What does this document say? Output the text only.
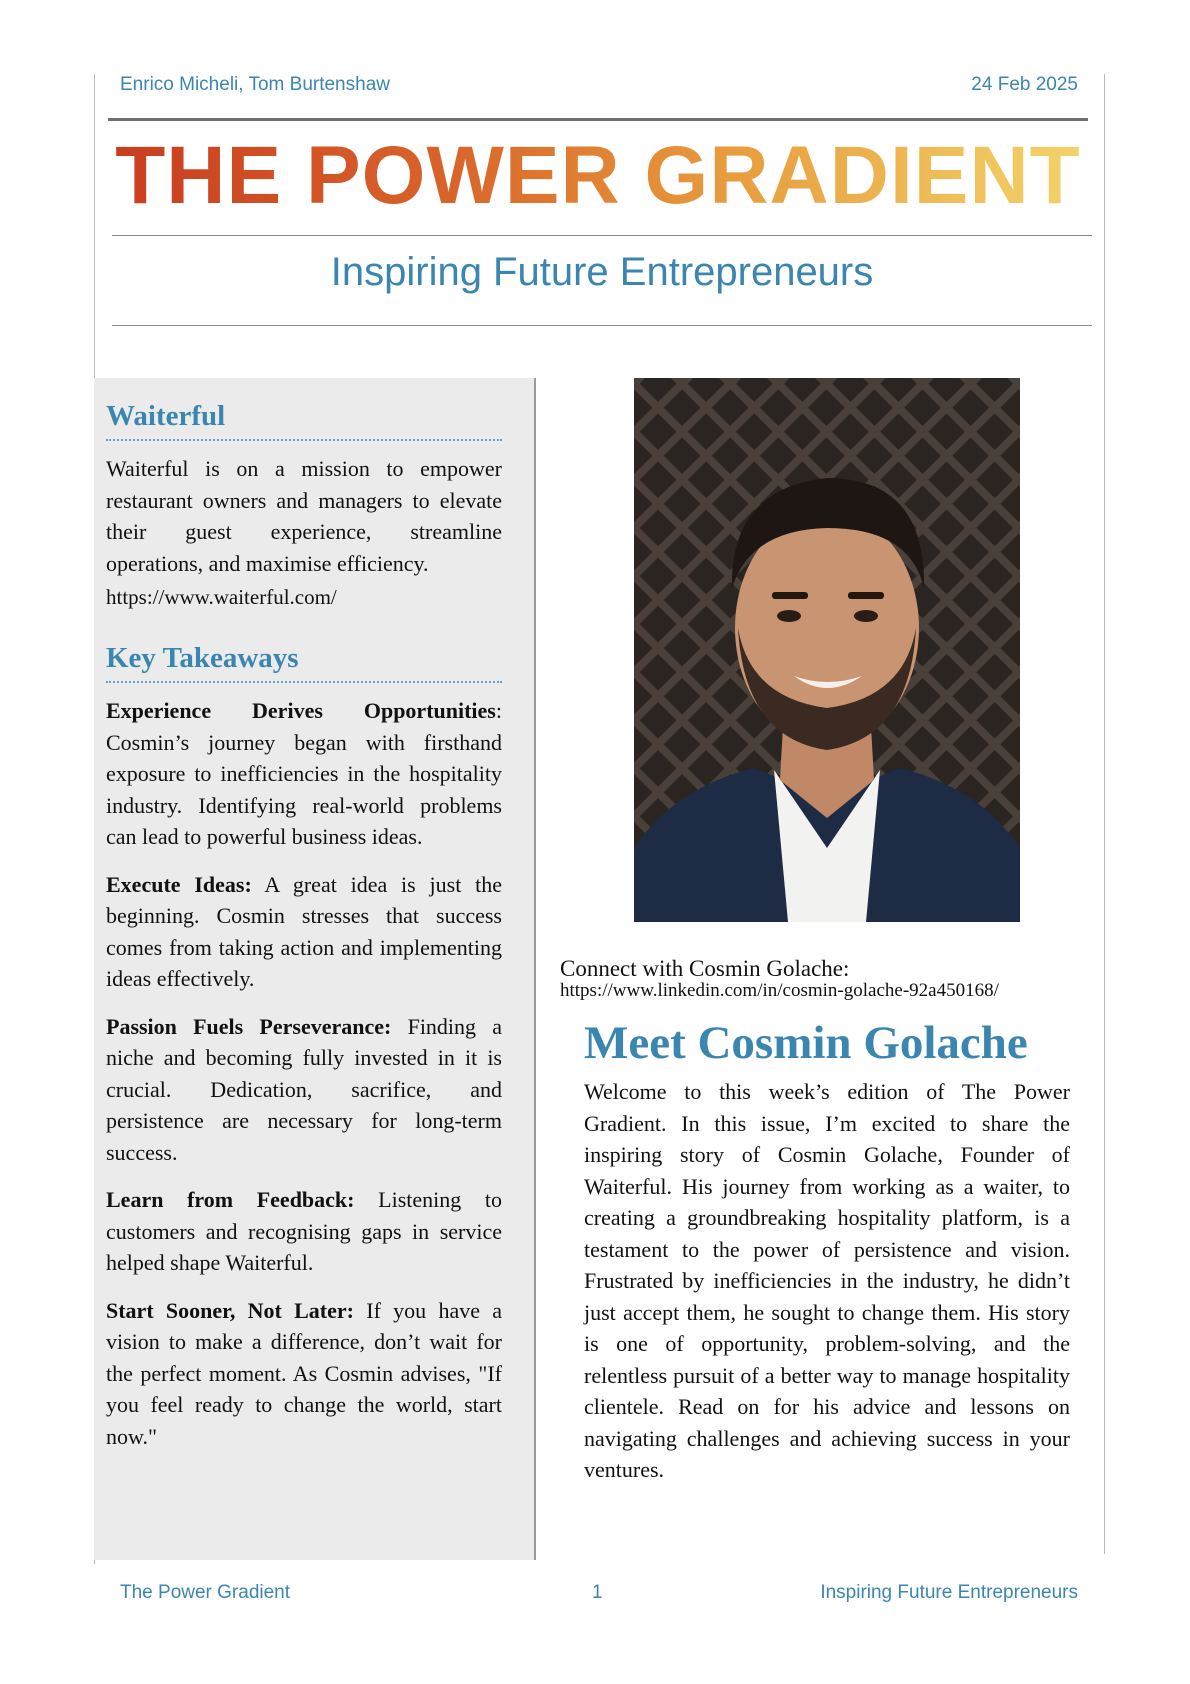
Enrico Micheli, Tom Burtenshaw	24 Feb 2025
THE POWER GRADIENT
Inspiring Future Entrepreneurs
Waiterful

Waiterful is on a mission to empower restaurant owners and managers to elevate their guest experience, streamline operations, and maximise efficiency.

https://www.waiterful.com/
Key Takeaways

Experience Derives Opportunities: Cosmin’s journey began with firsthand exposure to inefficiencies in the hospitality industry. Identifying real-world problems can lead to powerful business ideas.

Execute Ideas: A great idea is just the beginning. Cosmin stresses that success comes from taking action and implementing ideas effectively.

Passion Fuels Perseverance: Finding a niche and becoming fully invested in it is crucial. Dedication, sacrifice, and persistence are necessary for long-term success.

Learn from Feedback: Listening to customers and recognising gaps in service helped shape Waiterful.

Start Sooner, Not Later: If you have a vision to make a difference, don’t wait for the perfect moment. As Cosmin advises, "If you feel ready to change the world, start now."

Connect with Cosmin Golache:
https://www.linkedin.com/in/cosmin-golache-92a450168/
Meet Cosmin Golache

Welcome to this week’s edition of The Power Gradient. In this issue, I’m excited to share the inspiring story of Cosmin Golache, Founder of Waiterful. His journey from working as a waiter, to creating a groundbreaking hospitality platform, is a testament to the power of persistence and vision. Frustrated by inefficiencies in the industry, he didn’t just accept them, he sought to change them. His story is one of opportunity, problem-solving, and the relentless pursuit of a better way to manage hospitality clientele. Read on for his advice and lessons on navigating challenges and achieving success in your ventures.

The Power Gradient	1	Inspiring Future Entrepreneurs
